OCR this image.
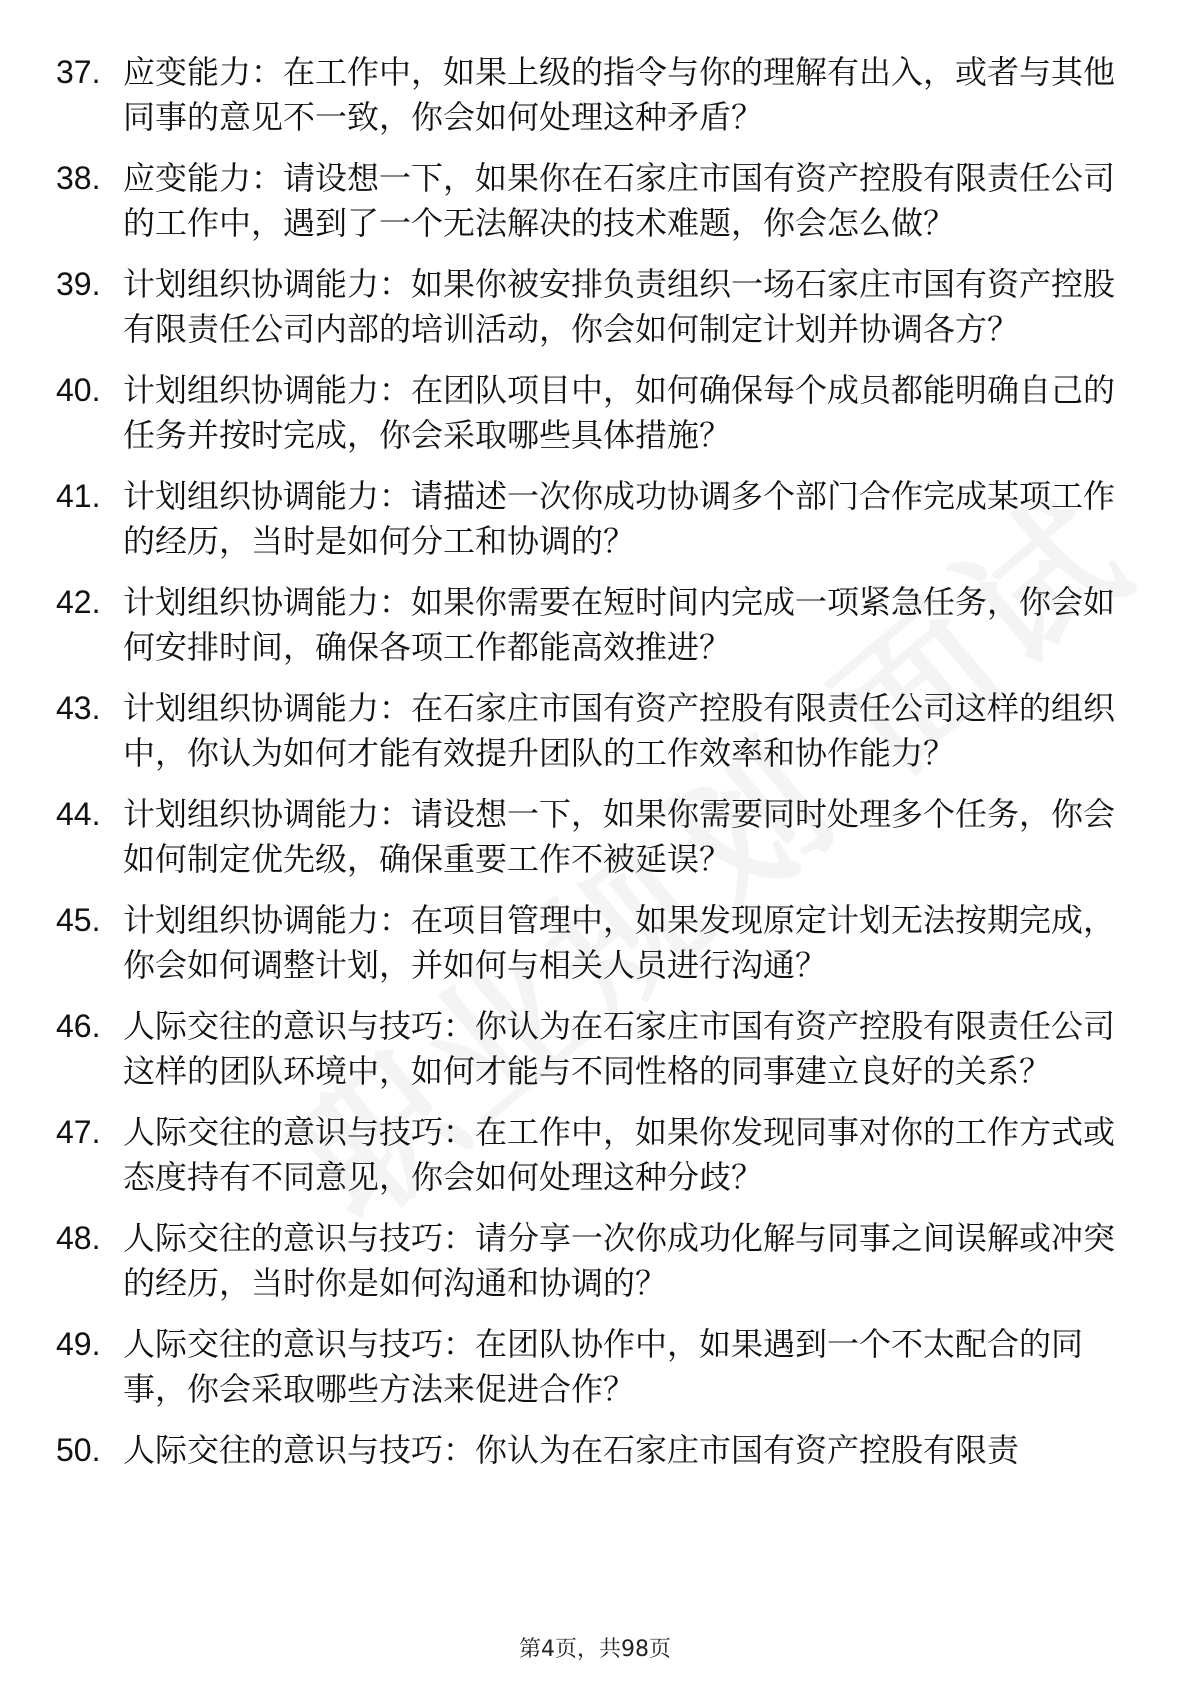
37. 应变能力：在工作中，如果上级的指令与你的理解有出入，或者与其他同事的意见不一致，你会如何处理这种矛盾？
38. 应变能力：请设想一下，如果你在石家庄市国有资产控股有限责任公司的工作中，遇到了一个无法解决的技术难题，你会怎么做？
39. 计划组织协调能力：如果你被安排负责组织一场石家庄市国有资产控股有限责任公司内部的培训活动，你会如何制定计划并协调各方？
40. 计划组织协调能力：在团队项目中，如何确保每个成员都能明确自己的任务并按时完成，你会采取哪些具体措施？
41. 计划组织协调能力：请描述一次你成功协调多个部门合作完成某项工作的经历，当时是如何分工和协调的？
42. 计划组织协调能力：如果你需要在短时间内完成一项紧急任务，你会如何安排时间，确保各项工作都能高效推进？
43. 计划组织协调能力：在石家庄市国有资产控股有限责任公司这样的组织中，你认为如何才能有效提升团队的工作效率和协作能力？
44. 计划组织协调能力：请设想一下，如果你需要同时处理多个任务，你会如何制定优先级，确保重要工作不被延误？
45. 计划组织协调能力：在项目管理中，如果发现原定计划无法按期完成，你会如何调整计划，并如何与相关人员进行沟通？
46. 人际交往的意识与技巧：你认为在石家庄市国有资产控股有限责任公司这样的团队环境中，如何才能与不同性格的同事建立良好的关系？
47. 人际交往的意识与技巧：在工作中，如果你发现同事对你的工作方式或态度持有不同意见，你会如何处理这种分歧？
48. 人际交往的意识与技巧：请分享一次你成功化解与同事之间误解或冲突的经历，当时你是如何沟通和协调的？
49. 人际交往的意识与技巧：在团队协作中，如果遇到一个不太配合的同事，你会采取哪些方法来促进合作？
50. 人际交往的意识与技巧：你认为在石家庄市国有资产控股有限责
第4页，共98页
